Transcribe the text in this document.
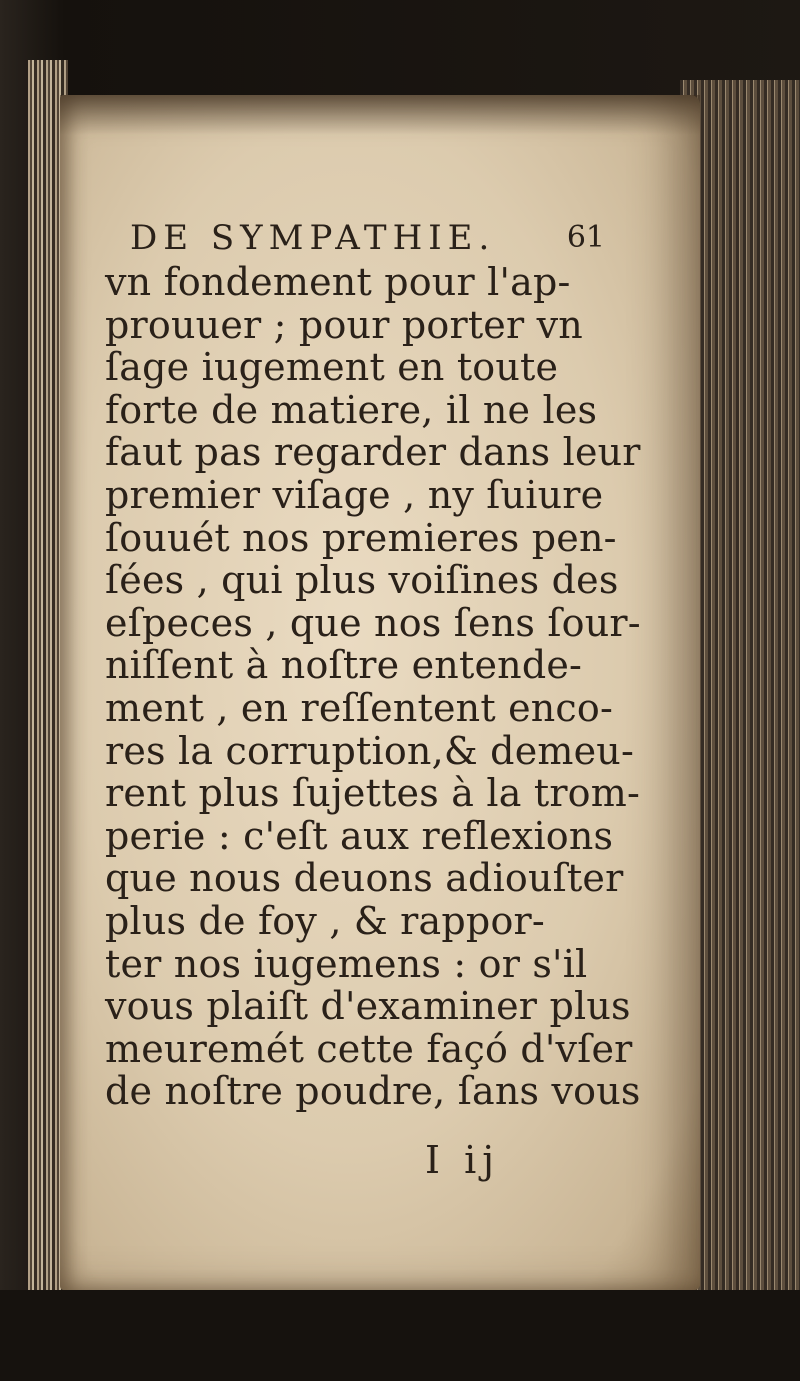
DE SYMPATHIE. 61
vn fondement pour l'ap-
prouuer ; pour porter vn
ſage iugement en toute
forte de matiere, il ne les
faut pas regarder dans leur
premier viſage , ny ſuiure
ſouuét nos premieres pen-
ſées , qui plus voiſines des
eſpeces , que nos ſens ſour-
niſſent à noſtre entende-
ment , en reſſentent enco-
res la corruption,& demeu-
rent plus ſujettes à la trom-
perie : c'eſt aux reflexions
que nous deuons adiouſter
plus de foy , & rappor-
ter nos iugemens : or s'il
vous plaiſt d'examiner plus
meuremét cette façó d'vſer
de noſtre poudre, ſans vous
I ij
